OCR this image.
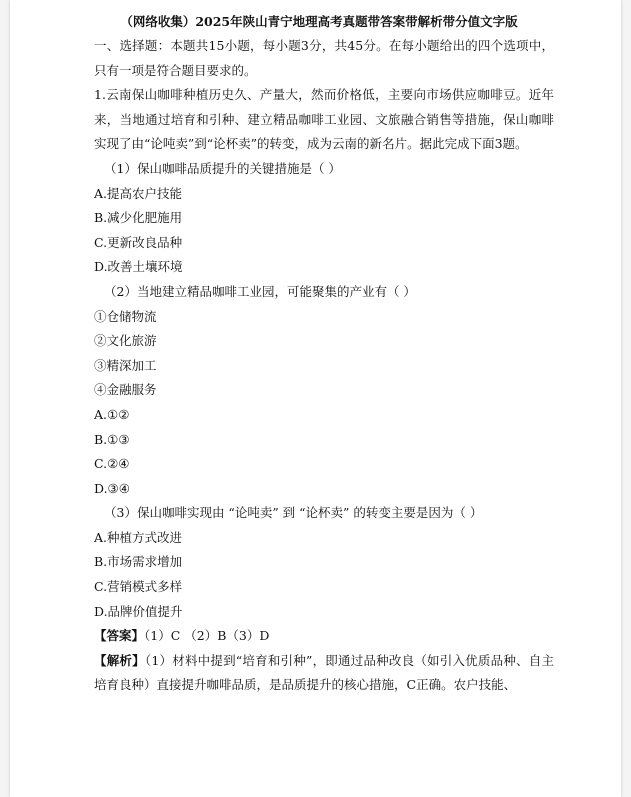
（网络收集）2025年陕山青宁地理高考真题带答案带解析带分值文字版
一、选择题：本题共15小题，每小题3分，共45分。在每小题给出的四个选项中，只有一项是符合题目要求的。
1.云南保山咖啡种植历史久、产量大，然而价格低，主要向市场供应咖啡豆。近年来，当地通过培育和引种、建立精品咖啡工业园、文旅融合销售等措施，保山咖啡实现了由“论吨卖”到“论杯卖”的转变，成为云南的新名片。据此完成下面3题。
（1）保山咖啡品质提升的关键措施是（ ）
A.提高农户技能
B.减少化肥施用
C.更新改良品种
D.改善土壤环境
（2）当地建立精品咖啡工业园，可能聚集的产业有（ ）
①仓储物流
②文化旅游
③精深加工
④金融服务
A.①②
B.①③
C.②④
D.③④
（3）保山咖啡实现由 “论吨卖” 到 “论杯卖” 的转变主要是因为（ ）
A.种植方式改进
B.市场需求增加
C.营销模式多样
D.品牌价值提升
【答案】（1）C （2）B（3）D
【解析】（1）材料中提到“培育和引种”，即通过品种改良（如引入优质品种、自主培育良种）直接提升咖啡品质，是品质提升的核心措施，C正确。农户技能、
